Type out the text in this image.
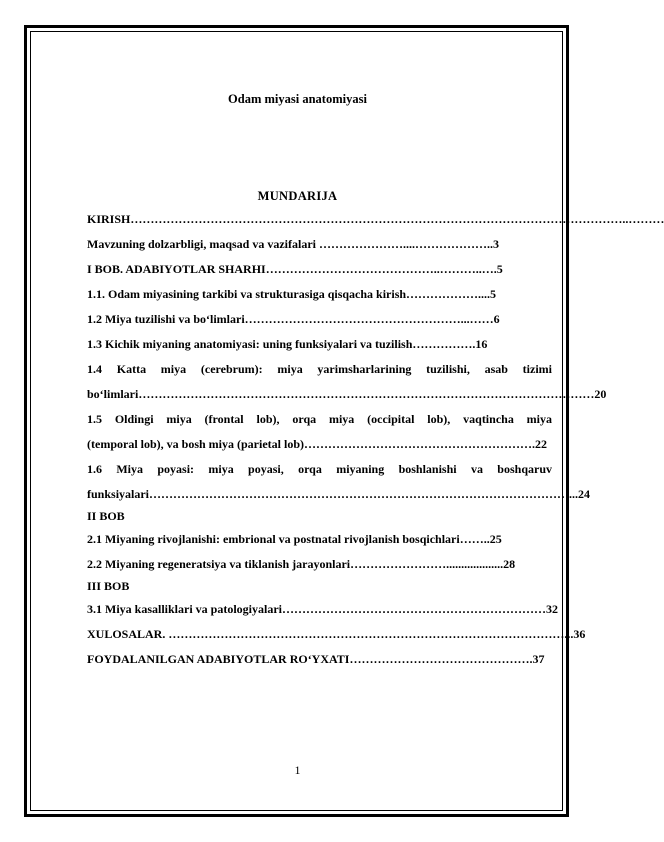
Odam miyasi anatomiyasi
MUNDARIJA
KIRISH……………………………………………………………………………………………………………..………
Mavzuning dolzarbligi, maqsad va vazifalari …………………....………………..3
I BOB. ADABIYOTLAR SHARHI……………………………………..………..….5
1.1. Odam miyasining tarkibi va strukturasiga qisqacha kirish………………....5
1.2 Miya tuzilishi va bo‘limlari………………………………………………...……6
1.3 Kichik miyaning anatomiyasi: uning funksiyalari va tuzilish…………….16
1.4 Katta miya (cerebrum): miya yarimsharlarining tuzilishi, asab tizimi
bo‘limlari……………………………………………………………………………………………………20
1.5 Oldingi miya (frontal lob), orqa miya (occipital lob), vaqtincha miya
(temporal lob), va bosh miya (parietal lob)………………………………………………….22
1.6 Miya poyasi: miya poyasi, orqa miyaning boshlanishi va boshqaruv
funksiyalari……………………………………………………………………………………………...24
II BOB
2.1 Miyaning rivojlanishi: embrional va postnatal rivojlanish bosqichlari……..25
2.2 Miyaning regeneratsiya va tiklanish jarayonlari……………………...................28
III BOB
3.1 Miya kasalliklari va patologiyalari…………………………………………………………32
XULOSALAR. ………………………………………………………………………………………...36
FOYDALANILGAN ADABIYOTLAR RO‘YXATI……………………………………….37
1
